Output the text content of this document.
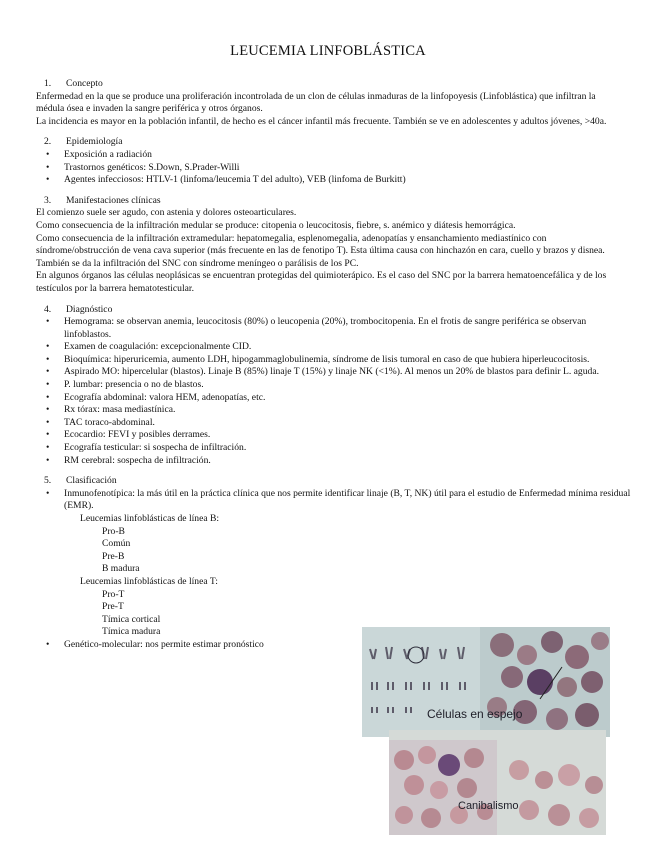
LEUCEMIA LINFOBLÁSTICA
1. Concepto

Enfermedad en la que se produce una proliferación incontrolada de un clon de células inmaduras de la linfopoyesis (Linfoblástica) que infiltran la médula ósea e invaden la sangre periférica y otros órganos.

La incidencia es mayor en la población infantil, de hecho es el cáncer infantil más frecuente. También se ve en adolescentes y adultos jóvenes, >40a.

2. Epidemiología
• Exposición a radiación
• Trastornos genéticos: S.Down, S.Prader-Willi
• Agentes infecciosos: HTLV-1 (linfoma/leucemia T del adulto), VEB (linfoma de Burkitt)
3. Manifestaciones clínicas

El comienzo suele ser agudo, con astenia y dolores osteoarticulares.

Como consecuencia de la infiltración medular se produce: citopenia o leucocitosis, fiebre, s. anémico y diátesis hemorrágica.

Como consecuencia de la infiltración extramedular: hepatomegalia, esplenomegalia, adenopatías y ensanchamiento mediastínico con síndrome/obstrucción de vena cava superior (más frecuente en las de fenotipo T). Esta última causa con hinchazón en cara, cuello y brazos y disnea. También se da la infiltración del SNC con síndrome meníngeo o parálisis de los PC.

En algunos órganos las células neoplásicas se encuentran protegidas del quimioterápico. Es el caso del SNC por la barrera hematoencefálica y de los testículos por la barrera hematotesticular.

4. Diagnóstico
• Hemograma: se observan anemia, leucocitosis (80%) o leucopenia (20%), trombocitopenia. En el frotis de sangre periférica se observan linfoblastos.
• Examen de coagulación: excepcionalmente CID.
• Bioquímica: hiperuricemia, aumento LDH, hipogammaglobulinemia, síndrome de lisis tumoral en caso de que hubiera hiperleucocitosis.
• Aspirado MO: hipercelular (blastos). Linaje B (85%) linaje T (15%) y linaje NK (<1%). Al menos un 20% de blastos para definir L. aguda.
• P. lumbar: presencia o no de blastos.
• Ecografía abdominal: valora HEM, adenopatías, etc.
• Rx tórax: masa mediastínica.
• TAC toraco-abdominal.
• Ecocardio: FEVI y posibles derrames.
• Ecografía testicular: si sospecha de infiltración.
• RM cerebral: sospecha de infiltración.
5. Clasificación
• Inmunofenotípica: la más útil en la práctica clínica que nos permite identificar linaje (B, T, NK) útil para el estudio de Enfermedad mínima residual (EMR).
Leucemias linfoblásticas de línea B:
Pro-B
Común
Pre-B
B madura
Leucemias linfoblásticas de línea T:
Pro-T
Pre-T
Tímica cortical
Tímica madura
• Genético-molecular: nos permite estimar pronóstico
Células en espejo
Canibalismo
